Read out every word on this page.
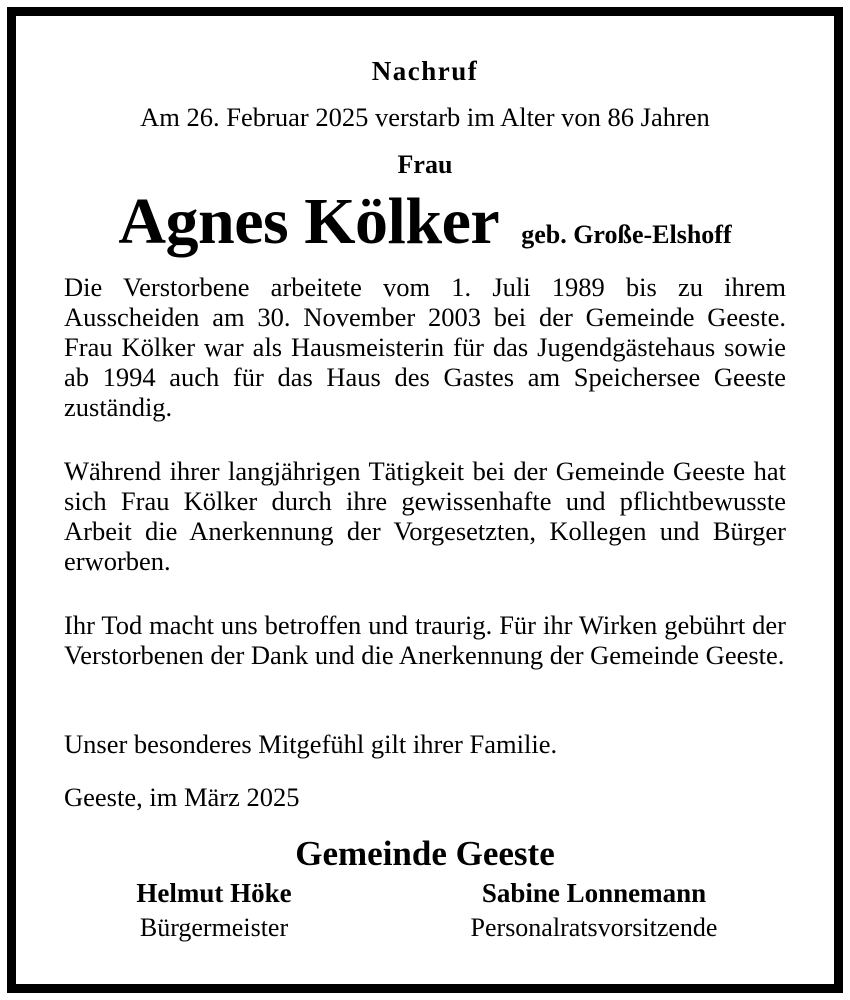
Nachruf
Am 26. Februar 2025 verstarb im Alter von 86 Jahren
Frau
Agnes Kölker geb. Große-Elshoff

Die Verstorbene arbeitete vom 1. Juli 1989 bis zu ihrem Ausscheiden am 30. November 2003 bei der Gemeinde Geeste. Frau Kölker war als Hausmeisterin für das Jugendgästehaus sowie ab 1994 auch für das Haus des Gastes am Speichersee Geeste zuständig.

Während ihrer langjährigen Tätigkeit bei der Gemeinde Geeste hat sich Frau Kölker durch ihre gewissenhafte und pflichtbewusste Arbeit die Anerkennung der Vorgesetzten, Kollegen und Bürger erworben.

Ihr Tod macht uns betroffen und traurig. Für ihr Wirken gebührt der Verstorbenen der Dank und die Anerkennung der Gemeinde Geeste.

Unser besonderes Mitgefühl gilt ihrer Familie.

Geeste, im März 2025
Gemeinde Geeste
Helmut Höke
Bürgermeister
Sabine Lonnemann
Personalratsvorsitzende
